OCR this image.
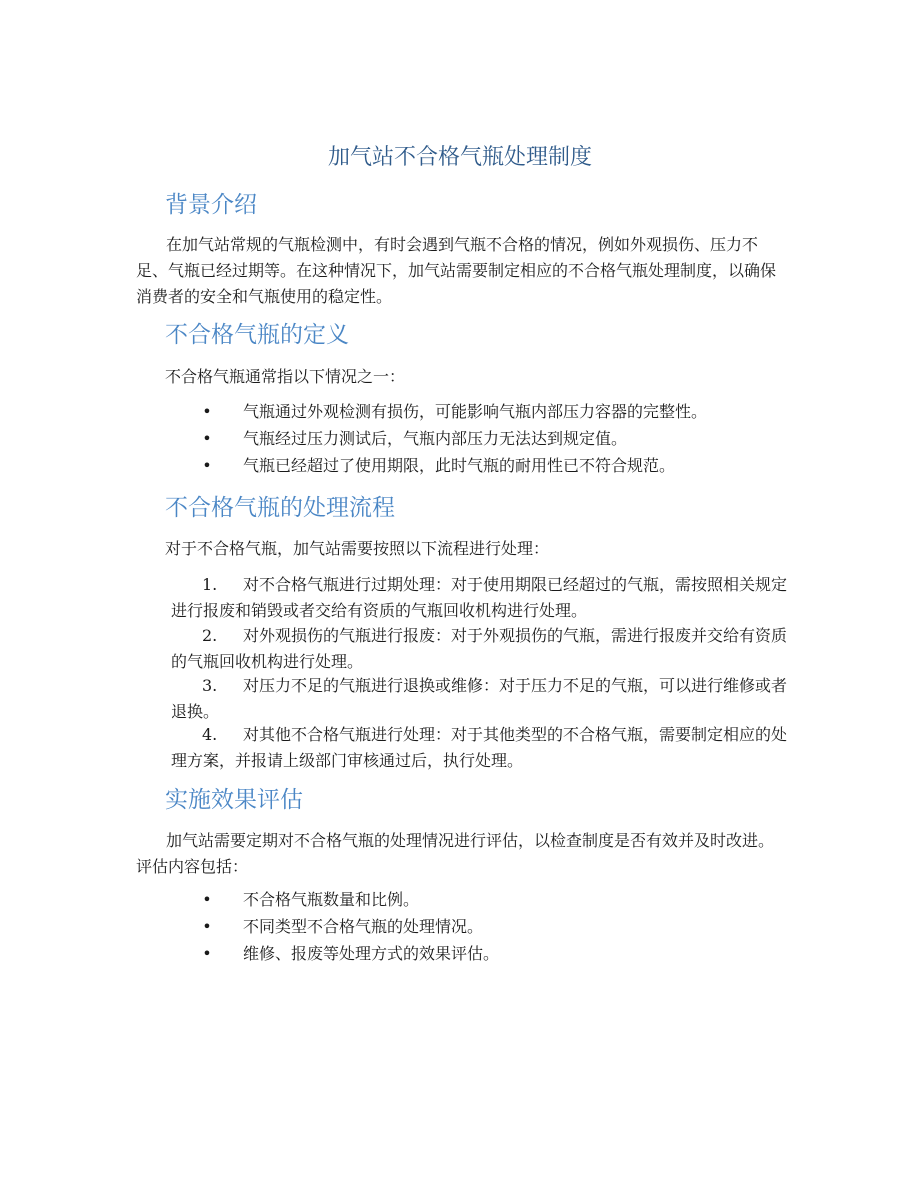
加气站不合格气瓶处理制度
背景介绍

在加气站常规的气瓶检测中，有时会遇到气瓶不合格的情况，例如外观损伤、压力不足、气瓶已经过期等。在这种情况下，加气站需要制定相应的不合格气瓶处理制度，以确保消费者的安全和气瓶使用的稳定性。

不合格气瓶的定义

不合格气瓶通常指以下情况之一：

• 气瓶通过外观检测有损伤，可能影响气瓶内部压力容器的完整性。
• 气瓶经过压力测试后，气瓶内部压力无法达到规定值。
• 气瓶已经超过了使用期限，此时气瓶的耐用性已不符合规范。
不合格气瓶的处理流程

对于不合格气瓶，加气站需要按照以下流程进行处理：

1.	对不合格气瓶进行过期处理：对于使用期限已经超过的气瓶，需按照相关规定进行报废和销毁或者交给有资质的气瓶回收机构进行处理。

2.	对外观损伤的气瓶进行报废：对于外观损伤的气瓶，需进行报废并交给有资质的气瓶回收机构进行处理。

3.	对压力不足的气瓶进行退换或维修：对于压力不足的气瓶，可以进行维修或者退换。

4.	对其他不合格气瓶进行处理：对于其他类型的不合格气瓶，需要制定相应的处理方案，并报请上级部门审核通过后，执行处理。

实施效果评估

加气站需要定期对不合格气瓶的处理情况进行评估，以检查制度是否有效并及时改进。评估内容包括：

• 不合格气瓶数量和比例。
• 不同类型不合格气瓶的处理情况。
• 维修、报废等处理方式的效果评估。
